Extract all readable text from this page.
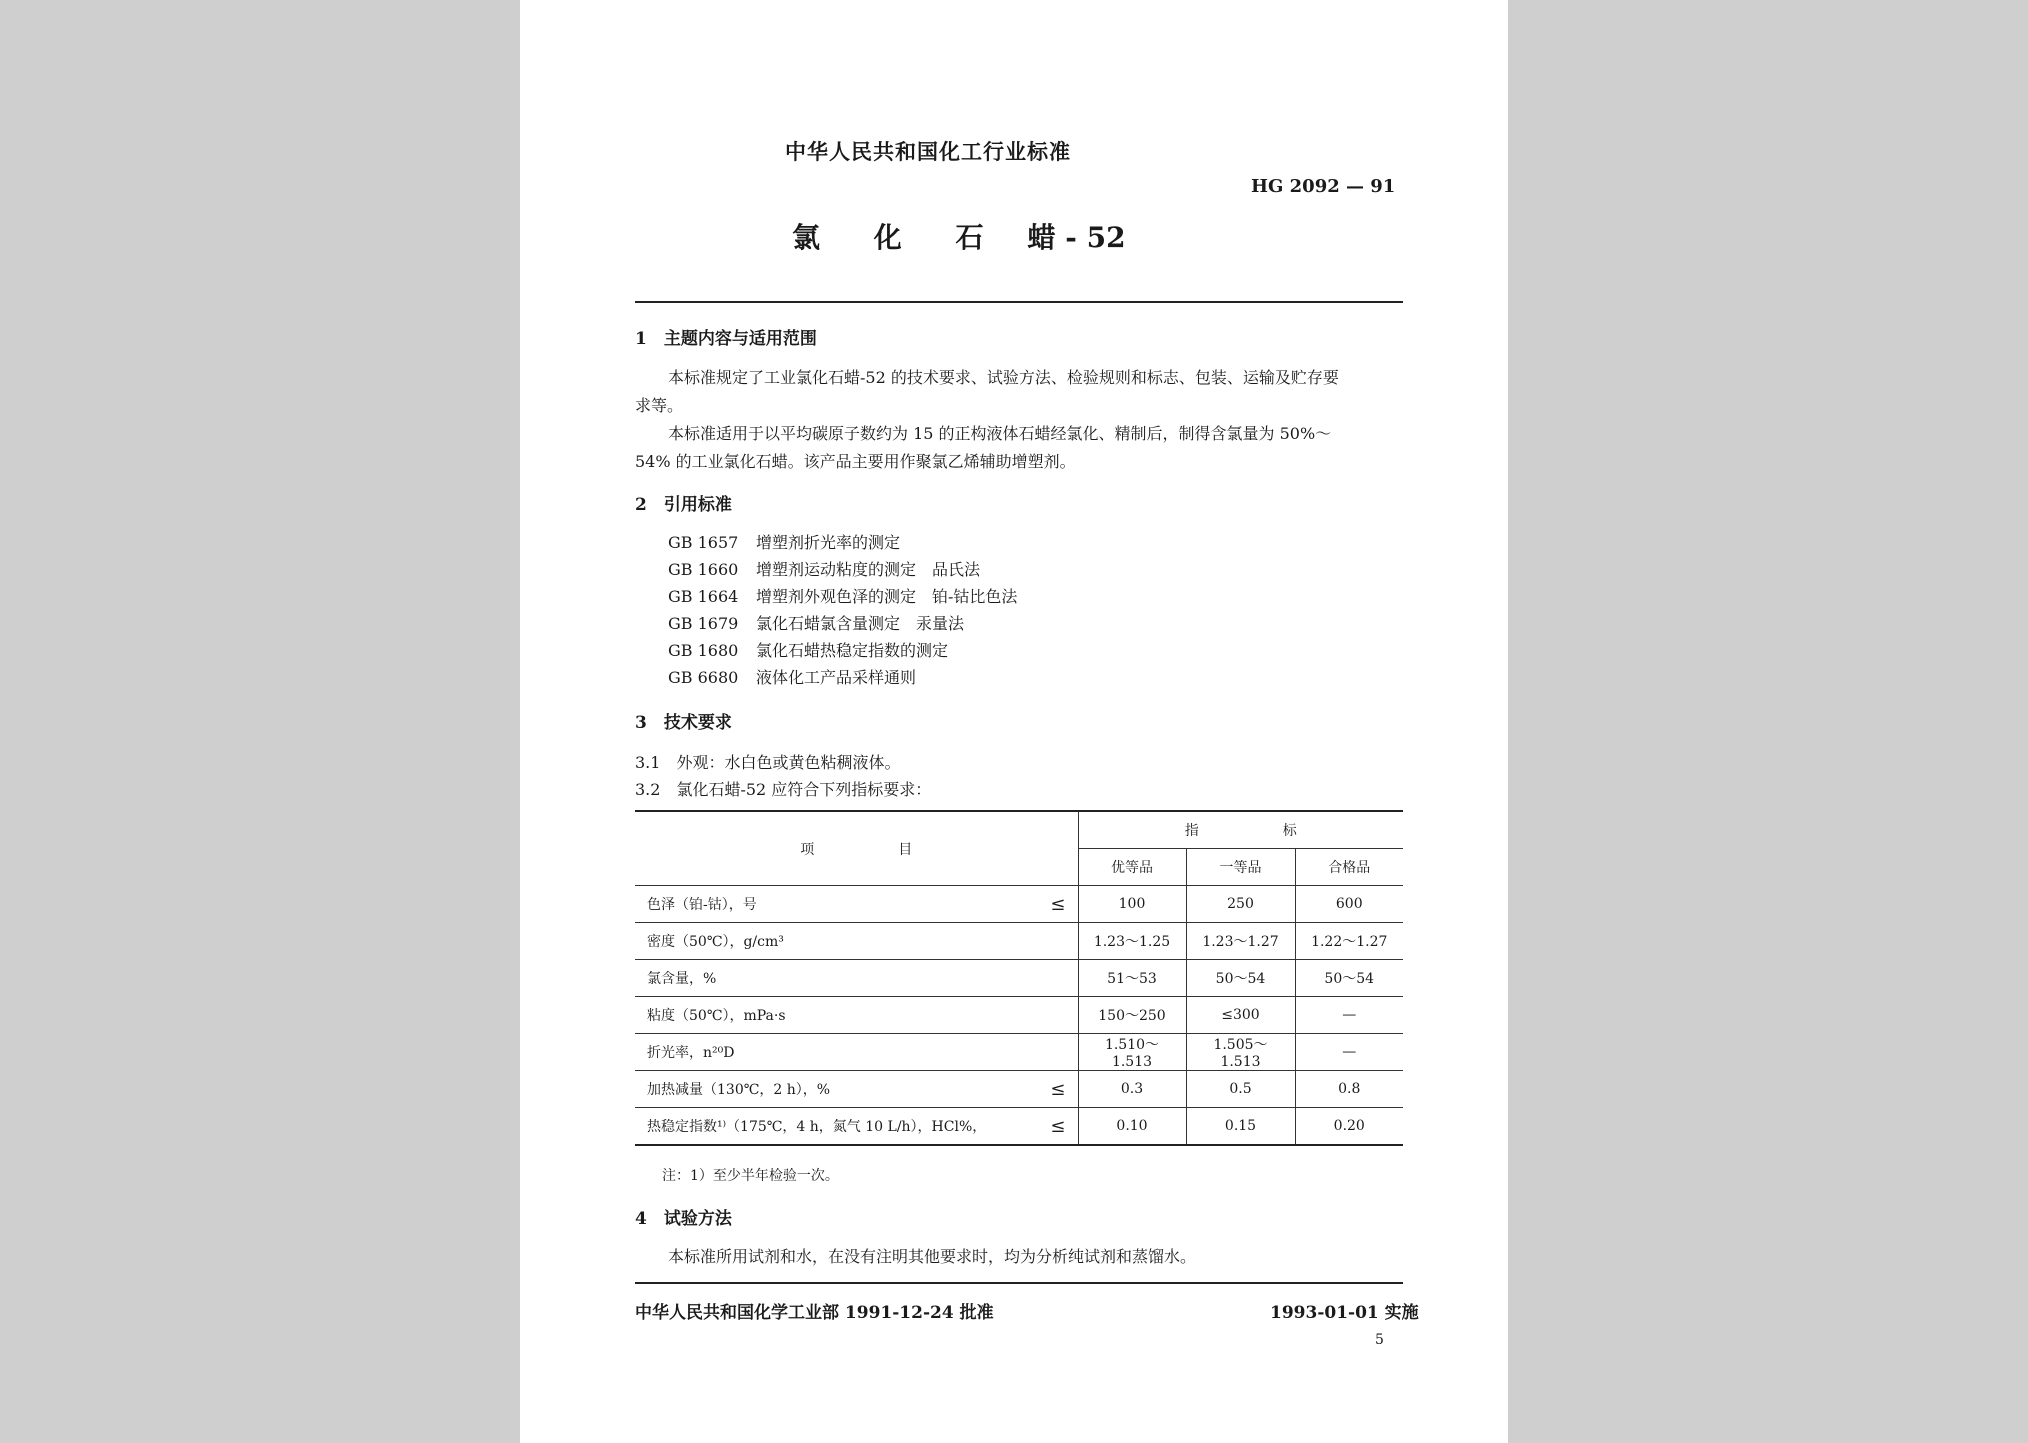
中华人民共和国化工行业标准
HG 2092 — 91
氯 化 石 蜡 - 52
1　主题内容与适用范围
本标准规定了工业氯化石蜡-52 的技术要求、试验方法、检验规则和标志、包装、运输及贮存要
求等。
本标准适用于以平均碳原子数约为 15 的正构液体石蜡经氯化、精制后，制得含氯量为 50%～
54% 的工业氯化石蜡。该产品主要用作聚氯乙烯辅助增塑剂。
2　引用标准
GB 1657 增塑剂折光率的测定
GB 1660 增塑剂运动粘度的测定　品氏法
GB 1664 增塑剂外观色泽的测定　铂-钴比色法
GB 1679 氯化石蜡氯含量测定　汞量法
GB 1680 氯化石蜡热稳定指数的测定
GB 6680 液体化工产品采样通则
3　技术要求
3.1　外观：水白色或黄色粘稠液体。
3.2　氯化石蜡-52 应符合下列指标要求：
项　　　　　　目	指　　　　　　标		
	优等品	一等品	合格品
色泽（铂-钴），号 ≤	100	250	600
密度（50℃），g/cm³	1.23～1.25	1.23～1.27	1.22～1.27
氯含量，%	51～53	50～54	50～54
粘度（50℃），mPa·s	150～250	≤300	—
折光率，n²⁰D	1.510～1.513	1.505～1.513	—
加热减量（130℃，2 h），% ≤	0.3	0.5	0.8
热稳定指数¹⁾（175℃，4 h，氮气 10 L/h），HCl%， ≤	0.10	0.15	0.20
注：1）至少半年检验一次。
4　试验方法
本标准所用试剂和水，在没有注明其他要求时，均为分析纯试剂和蒸馏水。
中华人民共和国化学工业部 1991-12-24 批准	1993-01-01 实施
5
